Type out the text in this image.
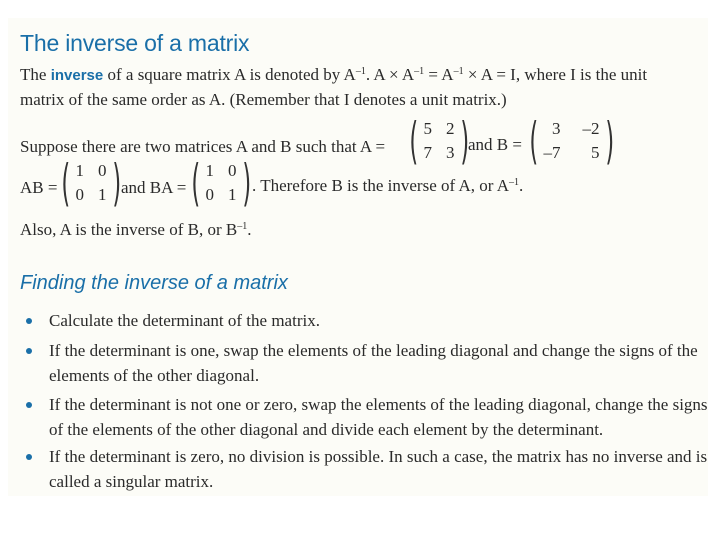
The inverse of a matrix
The inverse of a square matrix A is denoted by $A^{-1}$. $A \times A^{-1} = A^{-1} \times A = I$, where I is the unit
matrix of the same order as A. (Remember that I denotes a unit matrix.)
Suppose there are two matrices A and B such that A = ( 5 2
7 3 ) and B = ( 3 –2
–7	5 )
AB = ( 1 0
0 1 ) and BA = ( 1 0
0 1 ) . Therefore B is the inverse of A, or $A^{-1}$.
Also, A is the inverse of B, or $B^{-1}$.
Finding the inverse of a matrix
Calculate the determinant of the matrix.
If the determinant is one, swap the elements of the leading diagonal and change the signs of the elements of the other diagonal.
If the determinant is not one or zero, swap the elements of the leading diagonal, change the signs of the elements of the other diagonal and divide each element by the determinant.
If the determinant is zero, no division is possible. In such a case, the matrix has no inverse and is called a singular matrix.
